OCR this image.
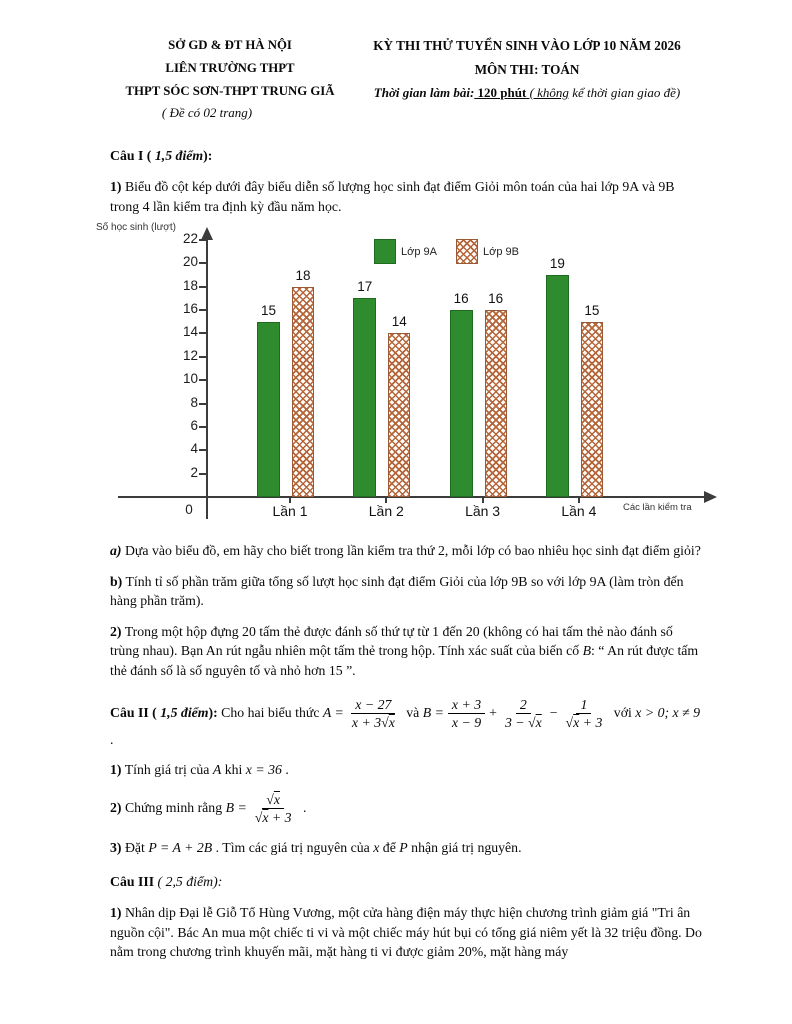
SỞ GD & ĐT HÀ NỘI
LIÊN TRƯỜNG THPT
THPT SÓC SƠN-THPT TRUNG GIÃ
( Đề có 02 trang)
KỲ THI THỬ TUYỂN SINH VÀO LỚP 10 NĂM 2026
MÔN THI: TOÁN
Thời gian làm bài: 120 phút ( không kể thời gian giao đề)

Câu I ( 1,5 điểm):

1) Biểu đồ cột kép dưới đây biểu diễn số lượng học sinh đạt điểm Giỏi môn toán của hai lớp 9A và 9B trong 4 lần kiểm tra định kỳ đầu năm học.

Số học sinh (lượt)
0	Các lần kiểm tra
Lớp 9A	Lớp 9B
2
4
6
8
10
12
14
16
18
20
22
15
18
Lần 1
17
14
Lần 2
16	16
Lần 3
19
15
Lần 4

a) Dựa vào biểu đồ, em hãy cho biết trong lần kiểm tra thứ 2, mỗi lớp có bao nhiêu học sinh đạt điểm giỏi?

b) Tính tỉ số phần trăm giữa tổng số lượt học sinh đạt điểm Giỏi của lớp 9B so với lớp 9A (làm tròn đến hàng phần trăm).

2) Trong một hộp đựng 20 tấm thẻ được đánh số thứ tự từ 1 đến 20 (không có hai tấm thẻ nào đánh số trùng nhau). Bạn An rút ngẫu nhiên một tấm thẻ trong hộp. Tính xác suất của biến cố B: “ An rút được tấm thẻ đánh số là số nguyên tố và nhỏ hơn 15 ”.

Câu II ( 1,5 điểm): Cho hai biểu thức $A = \frac{x - 27}{x + 3√x}$ và $B = \frac{x + 3}{x - 9} + \frac{2}{3 - √x} - \frac{1}{√x + 3}$ với x > 0; x ≠ 9 .

1) Tính giá trị của A khi x = 36 .

2) Chứng minh rằng $B = \frac{√x}{√x + 3}$ .

3) Đặt P = A + 2B . Tìm các giá trị nguyên của x để P nhận giá trị nguyên.

Câu III ( 2,5 điểm):

1) Nhân dịp Đại lễ Giỗ Tổ Hùng Vương, một cửa hàng điện máy thực hiện chương trình giảm giá "Tri ân nguồn cội". Bác An mua một chiếc ti vi và một chiếc máy hút bụi có tổng giá niêm yết là 32 triệu đồng. Do nằm trong chương trình khuyến mãi, mặt hàng ti vi được giảm 20%, mặt hàng máy
